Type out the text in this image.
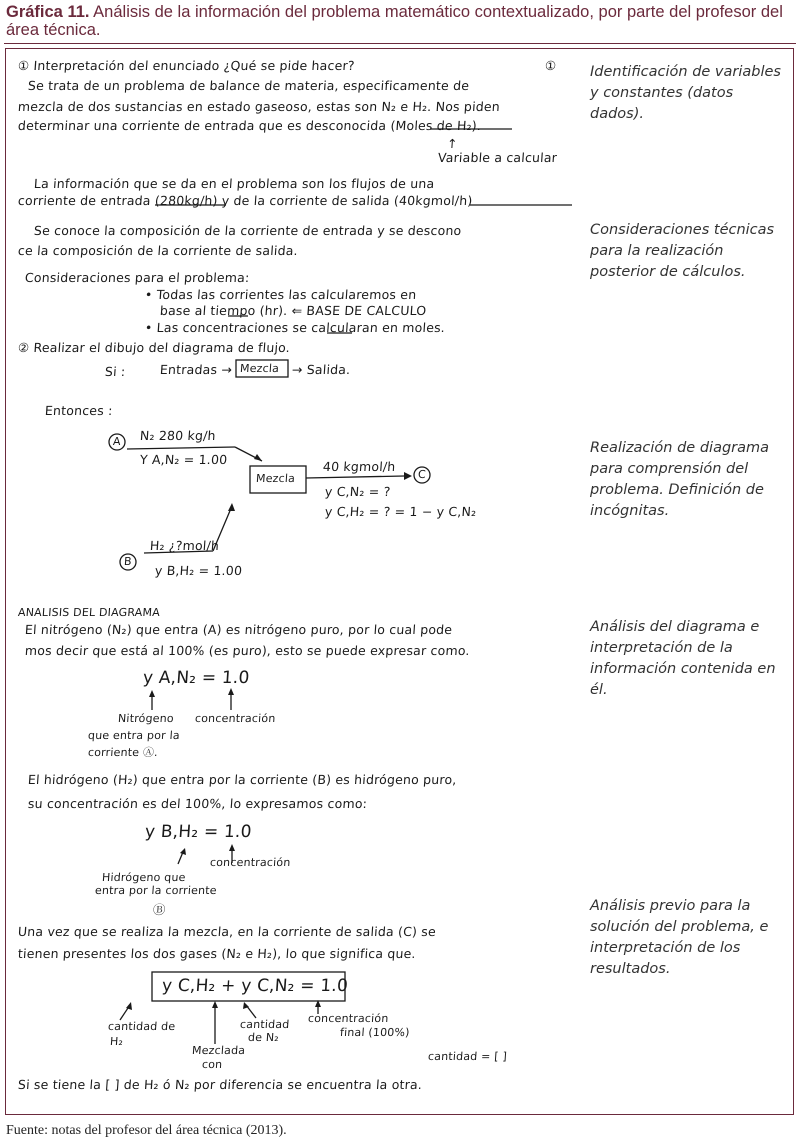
Gráfica 11. Análisis de la información del problema matemático contextualizado, por parte del profesor del área técnica.
① Interpretación del enunciado ¿Qué se pide hacer?	①
Se trata de un problema de balance de materia, especificamente de
mezcla de dos sustancias en estado gaseoso, estas son N₂ e H₂. Nos piden
determinar una corriente de entrada que es desconocida (Moles de H₂).
↑
Variable a calcular
La información que se da en el problema son los flujos de una
corriente de entrada (280kg/h) y de la corriente de salida (40kgmol/h)
Se conoce la composición de la corriente de entrada y se descono
ce la composición de la corriente de salida.
Consideraciones para el problema:
• Todas las corrientes las calcularemos en
base al tiempo (hr). ⇐ BASE DE CALCULO
• Las concentraciones se calcularan en moles.
② Realizar el dibujo del diagrama de flujo.
Si :	Entradas → Mezcla → Salida.
Entonces :
A N₂ 280 kg/h
Y A,N₂ = 1.00
Mezcla
40 kgmol/h
C
y C,N₂ = ?
y C,H₂ = ? = 1 − y C,N₂
H₂ ¿?mol/h
B
y B,H₂ = 1.00
ANALISIS DEL DIAGRAMA
El nitrógeno (N₂) que entra (A) es nitrógeno puro, por lo cual pode
mos decir que está al 100% (es puro), esto se puede expresar como.
y A,N₂ = 1.0
Nitrógeno concentración
que entra por la
corriente Ⓐ.
El hidrógeno (H₂) que entra por la corriente (B) es hidrógeno puro,
su concentración es del 100%, lo expresamos como:
y B,H₂ = 1.0
concentración
Hidrógeno que
entra por la corriente
Ⓑ
Una vez que se realiza la mezcla, en la corriente de salida (C) se
tienen presentes los dos gases (N₂ e H₂), lo que significa que.
y C,H₂ + y C,N₂ = 1.0
cantidad de
H₂
Mezclada
con
cantidad
de N₂
concentración
final (100%)
cantidad = [ ]
Si se tiene la [ ] de H₂ ó N₂ por diferencia se encuentra la otra.
Identificación de variables y constantes (datos dados).
Consideraciones técnicas para la realización posterior de cálculos.
Realización de diagrama para comprensión del problema. Definición de incógnitas.
Análisis del diagrama e interpretación de la información contenida en él.
Análisis previo para la solución del problema, e interpretación de los resultados.
Fuente: notas del profesor del área técnica (2013).
